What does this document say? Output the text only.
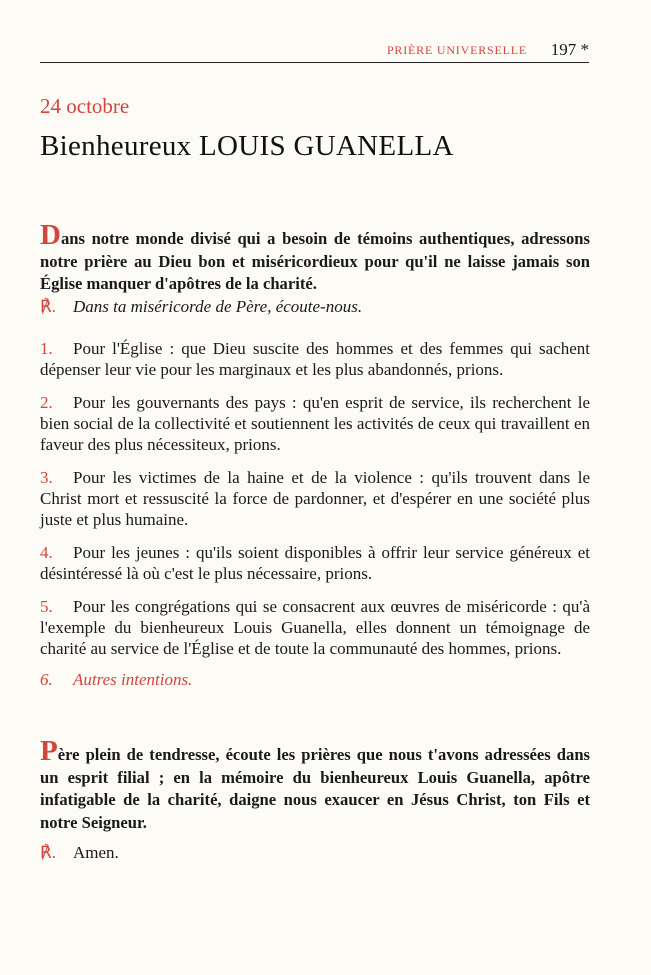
PRIÈRE UNIVERSELLE 197 *
24 octobre
Bienheureux LOUIS GUANELLA
Dans notre monde divisé qui a besoin de témoins authentiques, adressons notre prière au Dieu bon et miséricordieux pour qu'il ne laisse jamais son Église manquer d'apôtres de la charité.
℟. Dans ta miséricorde de Père, écoute-nous.

1. Pour l'Église : que Dieu suscite des hommes et des femmes qui sachent dépenser leur vie pour les marginaux et les plus abandonnés, prions.

2. Pour les gouvernants des pays : qu'en esprit de service, ils recherchent le bien social de la collectivité et soutiennent les activités de ceux qui travaillent en faveur des plus nécessiteux, prions.

3. Pour les victimes de la haine et de la violence : qu'ils trouvent dans le Christ mort et ressuscité la force de pardonner, et d'espérer en une société plus juste et plus humaine.

4. Pour les jeunes : qu'ils soient disponibles à offrir leur service généreux et désintéressé là où c'est le plus nécessaire, prions.

5. Pour les congrégations qui se consacrent aux œuvres de miséricorde : qu'à l'exemple du bienheureux Louis Guanella, elles donnent un témoignage de charité au service de l'Église et de toute la communauté des hommes, prions.

6. Autres intentions.

Père plein de tendresse, écoute les prières que nous t'avons adressées dans un esprit filial ; en la mémoire du bienheureux Louis Guanella, apôtre infatigable de la charité, daigne nous exaucer en Jésus Christ, ton Fils et notre Seigneur.
℟. Amen.
